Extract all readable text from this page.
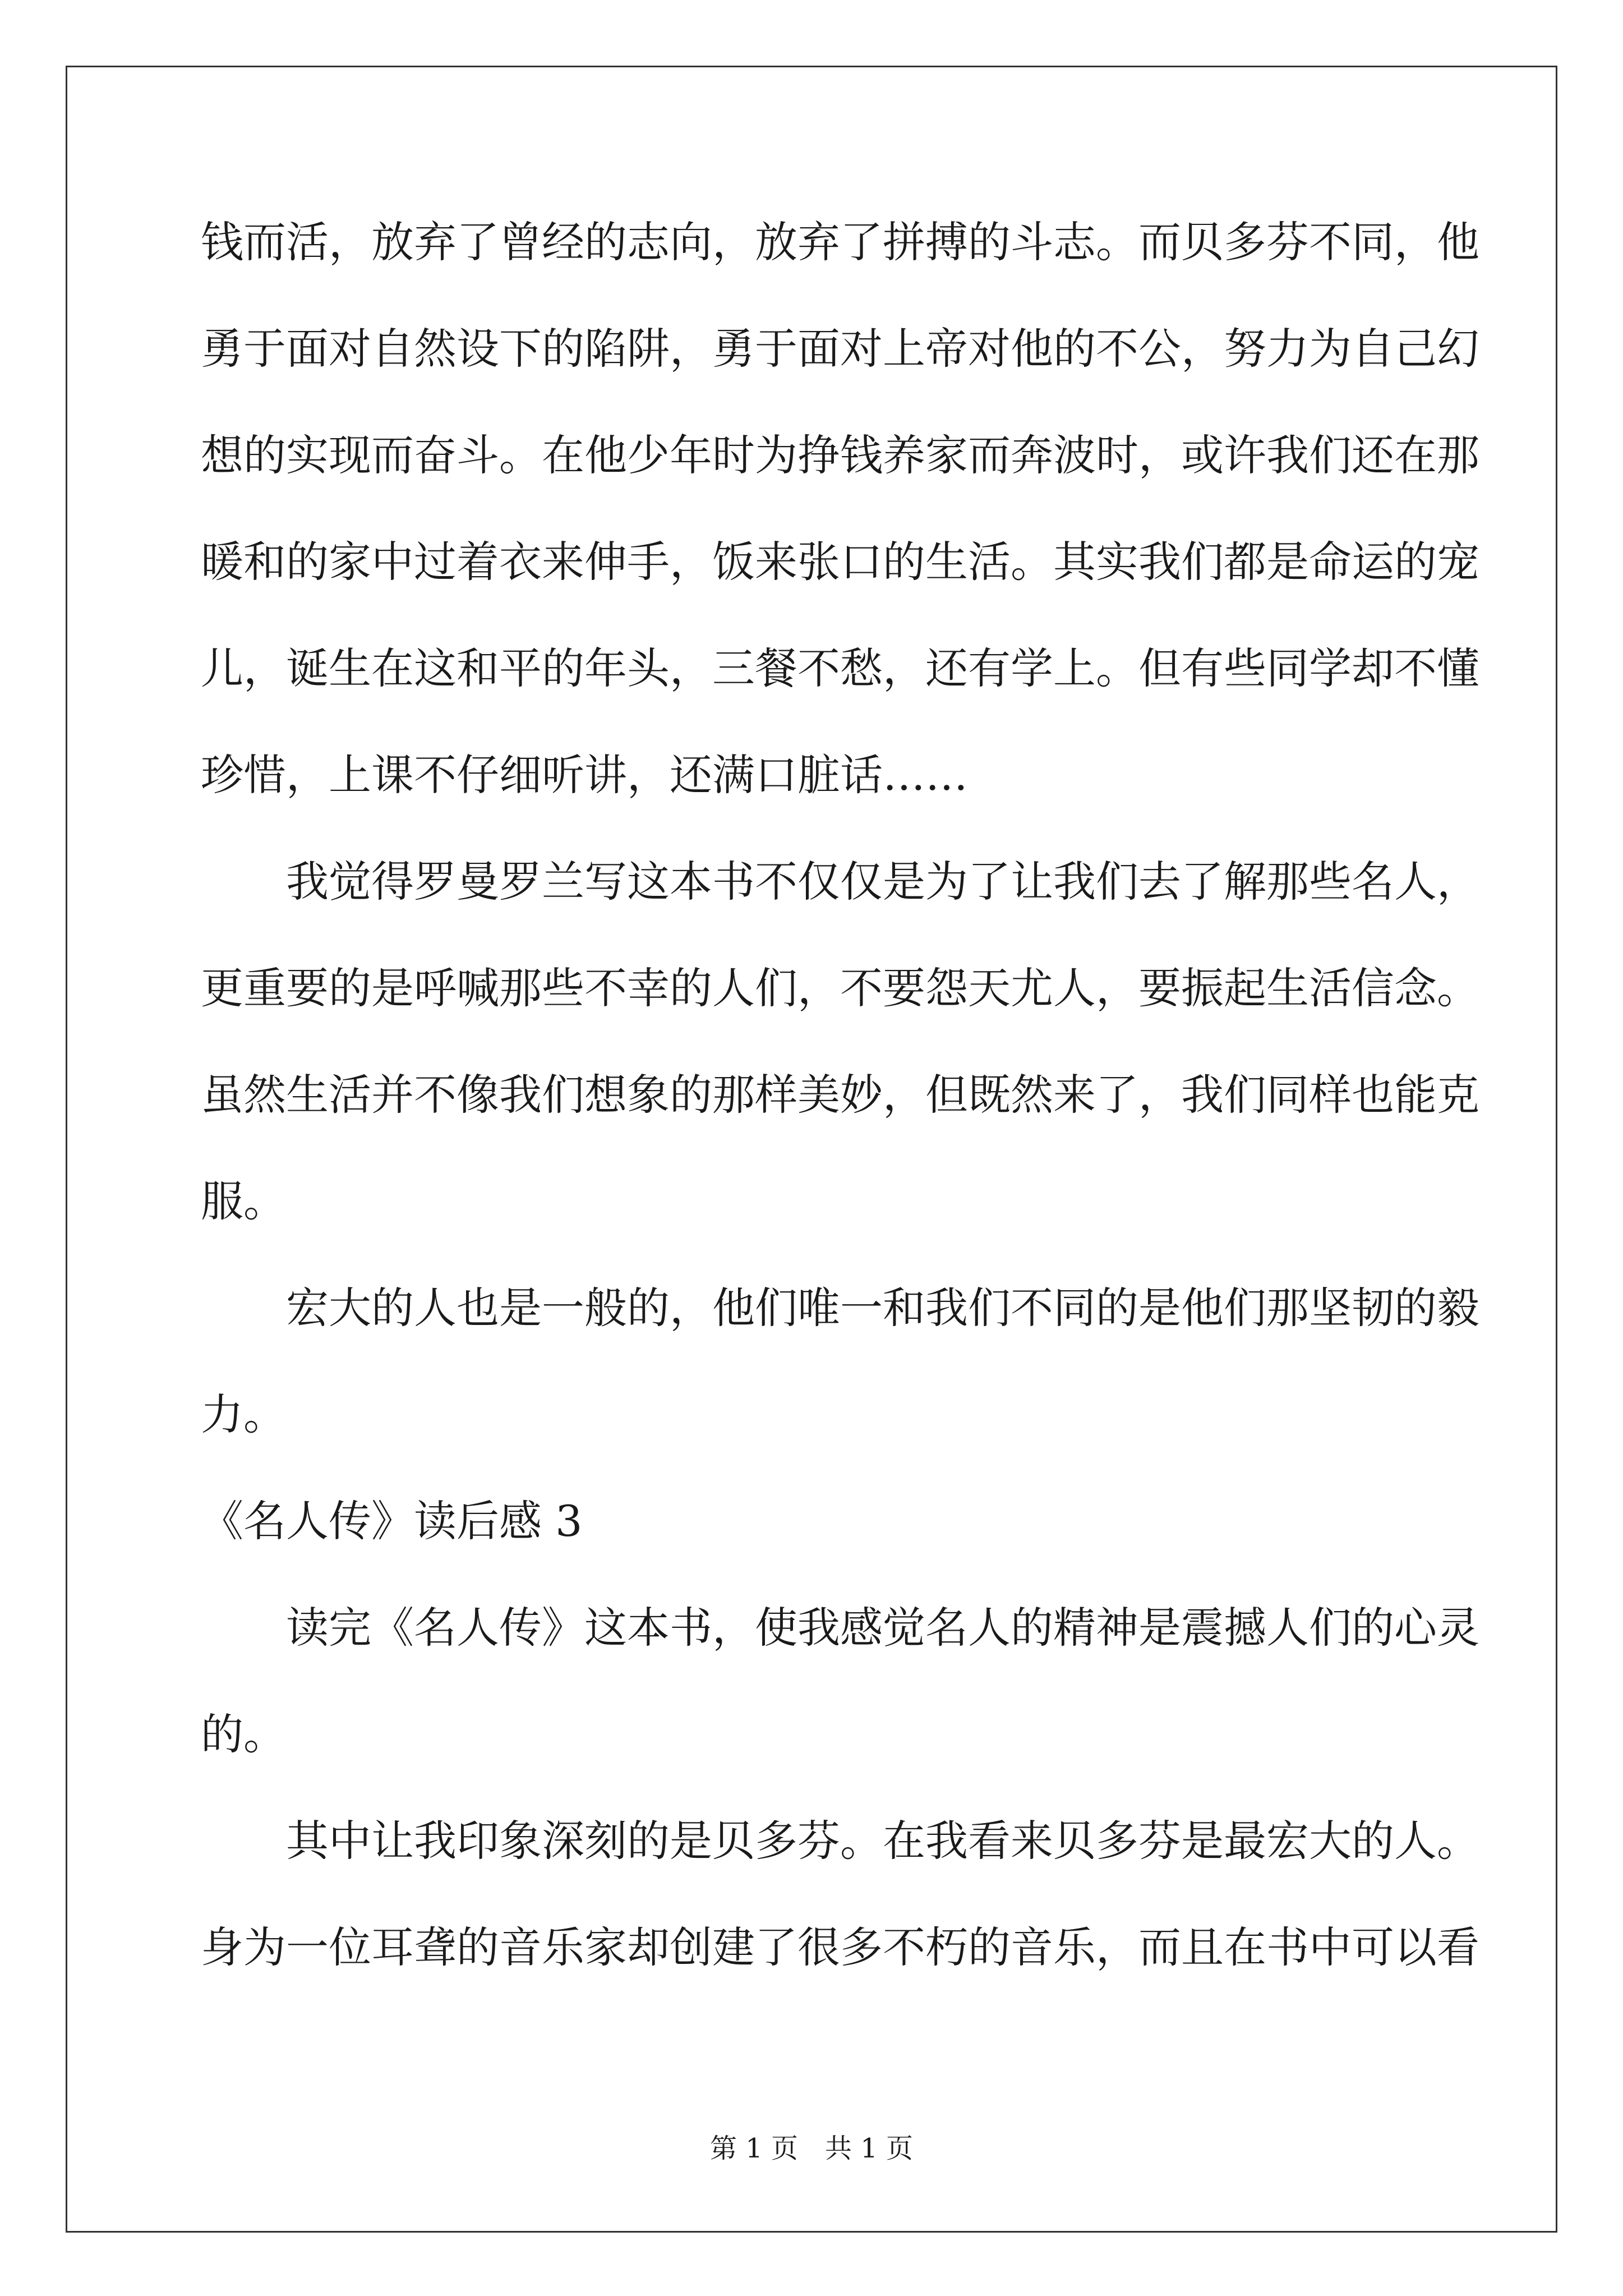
钱而活，放弃了曾经的志向，放弃了拼搏的斗志。而贝多芬不同，他
勇于面对自然设下的陷阱，勇于面对上帝对他的不公，努力为自己幻
想的实现而奋斗。在他少年时为挣钱养家而奔波时，或许我们还在那
暖和的家中过着衣来伸手，饭来张口的生活。其实我们都是命运的宠
儿，诞生在这和平的年头，三餐不愁，还有学上。但有些同学却不懂
珍惜，上课不仔细听讲，还满口脏话……
　　我觉得罗曼罗兰写这本书不仅仅是为了让我们去了解那些名人，
更重要的是呼喊那些不幸的人们，不要怨天尤人，要振起生活信念。
虽然生活并不像我们想象的那样美妙，但既然来了，我们同样也能克
服。
　　宏大的人也是一般的，他们唯一和我们不同的是他们那坚韧的毅
力。
《名人传》读后感 3
　　读完《名人传》这本书，使我感觉名人的精神是震撼人们的心灵
的。
　　其中让我印象深刻的是贝多芬。在我看来贝多芬是最宏大的人。
身为一位耳聋的音乐家却创建了很多不朽的音乐，而且在书中可以看
第 1 页　共 1 页
